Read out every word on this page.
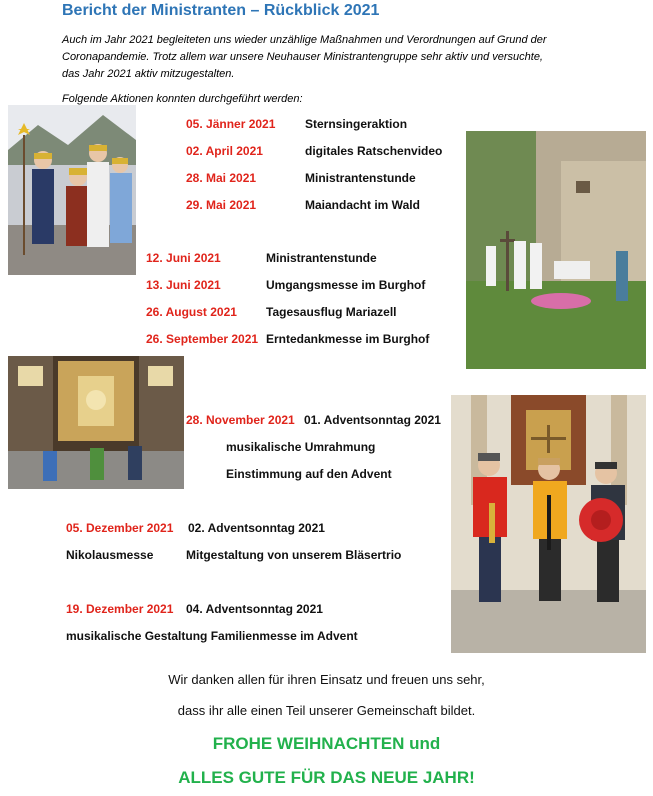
Bericht der Ministranten – Rückblick 2021
Auch im Jahr 2021 begleiteten uns wieder unzählige Maßnahmen und Verordnungen auf Grund der
Coronapandemie. Trotz allem war unsere Neuhauser Ministrantengruppe sehr aktiv und versuchte,
das Jahr 2021 aktiv mitzugestalten.
Folgende Aktionen konnten durchgeführt werden:
05. Jänner 2021 Sternsingeraktion
02. April 2021	digitales Ratschenvideo
28. Mai 2021	Ministrantenstunde
29. Mai 2021	Maiandacht im Wald
12. Juni 2021	Ministrantenstunde
13. Juni 2021	Umgangsmesse im Burghof
26. August 2021 Tagesausflug Mariazell
26. September 2021 Erntedankmesse im Burghof
28. November 2021 01. Adventsonntag 2021
musikalische Umrahmung
Einstimmung auf den Advent
05. Dezember 2021 02. Adventsonntag 2021
Nikolausmesse	Mitgestaltung von unserem Bläsertrio
19. Dezember 2021 04. Adventsonntag 2021
musikalische Gestaltung Familienmesse im Advent
Wir danken allen für ihren Einsatz und freuen uns sehr,
dass ihr alle einen Teil unserer Gemeinschaft bildet.
FROHE WEIHNACHTEN und
ALLES GUTE FÜR DAS NEUE JAHR!
